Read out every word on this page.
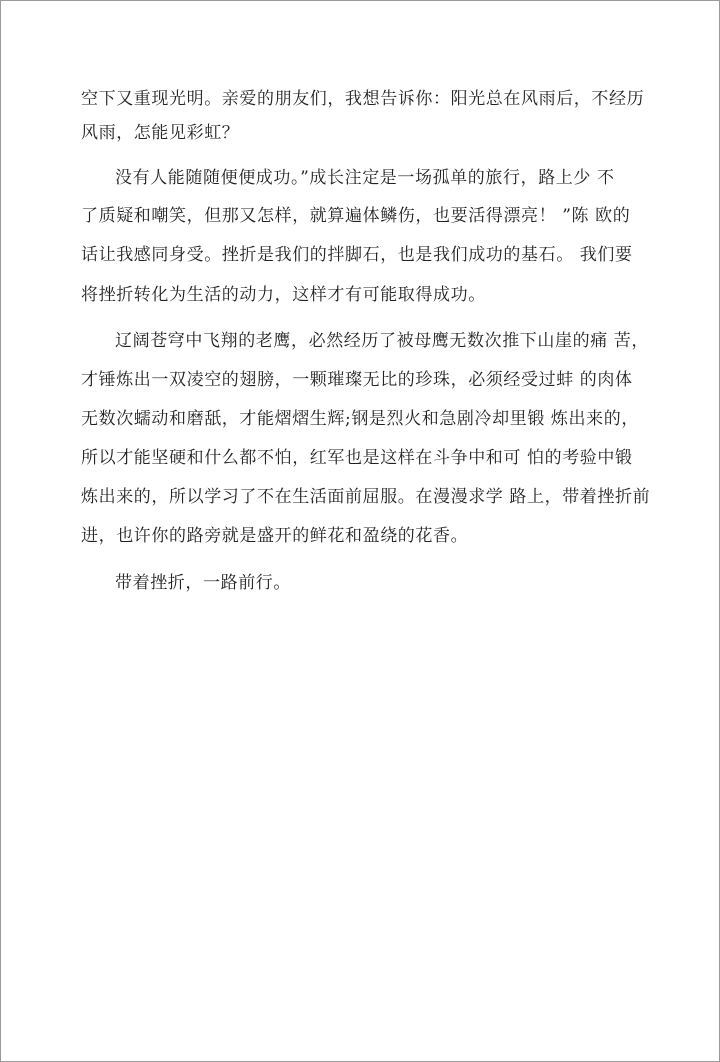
空下又重现光明。亲爱的朋友们，我想告诉你：阳光总在风雨后，不经历
风雨，怎能见彩虹？
没有人能随随便便成功。”成长注定是一场孤单的旅行，路上少 不
了质疑和嘲笑，但那又怎样，就算遍体鳞伤，也要活得漂亮！ ”陈 欧的
话让我感同身受。挫折是我们的拌脚石，也是我们成功的基石。 我们要
将挫折转化为生活的动力，这样才有可能取得成功。
辽阔苍穹中飞翔的老鹰，必然经历了被母鹰无数次推下山崖的痛 苦，
才锤炼出一双凌空的翅膀，一颗璀璨无比的珍珠，必须经受过蚌 的肉体
无数次蠕动和磨舐，才能熠熠生辉;钢是烈火和急剧冷却里锻 炼出来的，
所以才能坚硬和什么都不怕，红军也是这样在斗争中和可 怕的考验中锻
炼出来的，所以学习了不在生活面前屈服。在漫漫求学 路上，带着挫折前
进，也许你的路旁就是盛开的鲜花和盈绕的花香。
带着挫折，一路前行。
